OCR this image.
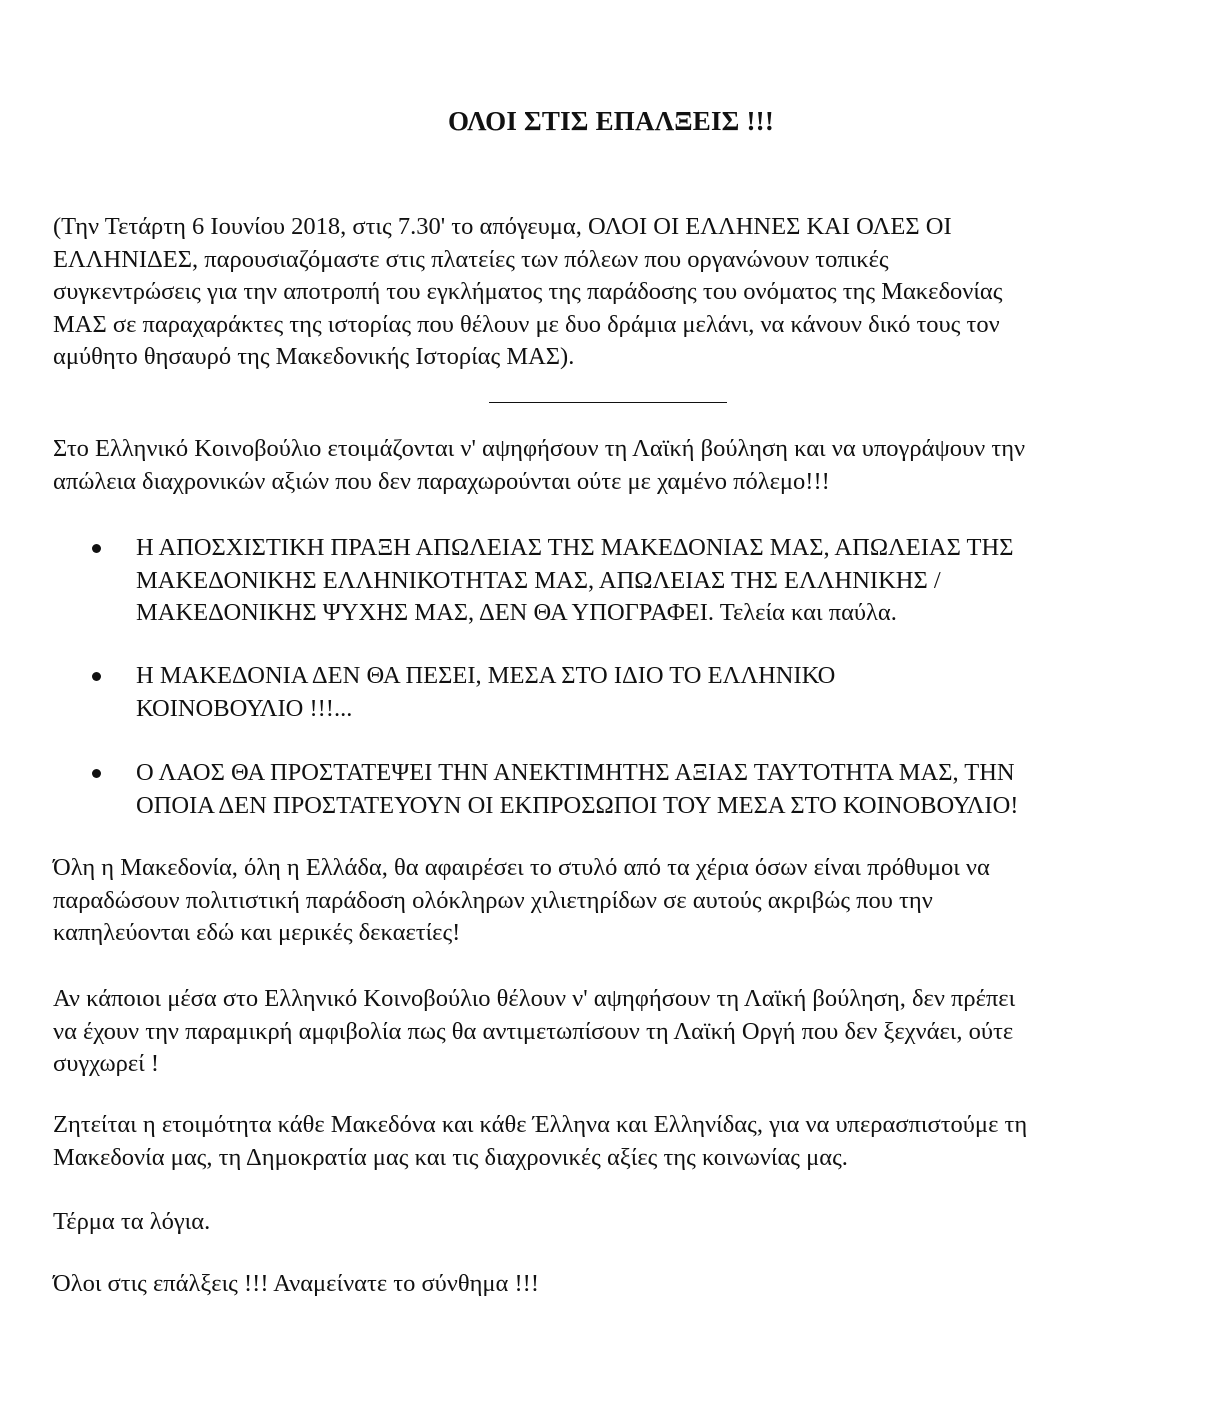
ΟΛΟΙ ΣΤΙΣ ΕΠΑΛΞΕΙΣ !!!
(Την Τετάρτη 6 Ιουνίου 2018, στις 7.30' το απόγευμα, ΟΛΟΙ ΟΙ ΕΛΛΗΝΕΣ ΚΑΙ ΟΛΕΣ ΟΙ
ΕΛΛΗΝΙΔΕΣ, παρουσιαζόμαστε στις πλατείες των πόλεων που οργανώνουν τοπικές
συγκεντρώσεις για την αποτροπή του εγκλήματος της παράδοσης του ονόματος της Μακεδονίας
ΜΑΣ σε παραχαράκτες της ιστορίας που θέλουν με δυο δράμια μελάνι, να κάνουν δικό τους τον
αμύθητο θησαυρό της Μακεδονικής Ιστορίας ΜΑΣ).
Στο Ελληνικό Κοινοβούλιο ετοιμάζονται ν' αψηφήσουν τη Λαϊκή βούληση και να υπογράψουν την
απώλεια διαχρονικών αξιών που δεν παραχωρούνται ούτε με χαμένο πόλεμο!!!
Η ΑΠΟΣΧΙΣΤΙΚΗ ΠΡΑΞΗ ΑΠΩΛΕΙΑΣ ΤΗΣ ΜΑΚΕΔΟΝΙΑΣ ΜΑΣ, ΑΠΩΛΕΙΑΣ ΤΗΣ
ΜΑΚΕΔΟΝΙΚΗΣ ΕΛΛΗΝΙΚΟΤΗΤΑΣ ΜΑΣ, ΑΠΩΛΕΙΑΣ ΤΗΣ ΕΛΛΗΝΙΚΗΣ /
ΜΑΚΕΔΟΝΙΚΗΣ ΨΥΧΗΣ ΜΑΣ, ΔΕΝ ΘΑ ΥΠΟΓΡΑΦΕΙ. Τελεία και παύλα.
Η ΜΑΚΕΔΟΝΙΑ ΔΕΝ ΘΑ ΠΕΣΕΙ, ΜΕΣΑ ΣΤΟ ΙΔΙΟ ΤΟ ΕΛΛΗΝΙΚΟ
ΚΟΙΝΟΒΟΥΛΙΟ !!!...
Ο ΛΑΟΣ ΘΑ ΠΡΟΣΤΑΤΕΨΕΙ ΤΗΝ ΑΝΕΚΤΙΜΗΤΗΣ ΑΞΙΑΣ ΤΑΥΤΟΤΗΤΑ ΜΑΣ, ΤΗΝ
ΟΠΟΙΑ ΔΕΝ ΠΡΟΣΤΑΤΕΥΟΥΝ ΟΙ ΕΚΠΡΟΣΩΠΟΙ ΤΟΥ ΜΕΣΑ ΣΤΟ ΚΟΙΝΟΒΟΥΛΙΟ!
Όλη η Μακεδονία, όλη η Ελλάδα, θα αφαιρέσει το στυλό από τα χέρια όσων είναι πρόθυμοι να
παραδώσουν πολιτιστική παράδοση ολόκληρων χιλιετηρίδων σε αυτούς ακριβώς που την
καπηλεύονται εδώ και μερικές δεκαετίες!
Αν κάποιοι μέσα στο Ελληνικό Κοινοβούλιο θέλουν ν' αψηφήσουν τη Λαϊκή βούληση, δεν πρέπει
να έχουν την παραμικρή αμφιβολία πως θα αντιμετωπίσουν τη Λαϊκή Οργή που δεν ξεχνάει, ούτε
συγχωρεί !
Ζητείται η ετοιμότητα κάθε Μακεδόνα και κάθε Έλληνα και Ελληνίδας, για να υπερασπιστούμε τη
Μακεδονία μας, τη Δημοκρατία μας και τις διαχρονικές αξίες της κοινωνίας μας.
Τέρμα τα λόγια.
Όλοι στις επάλξεις !!! Αναμείνατε το σύνθημα !!!
